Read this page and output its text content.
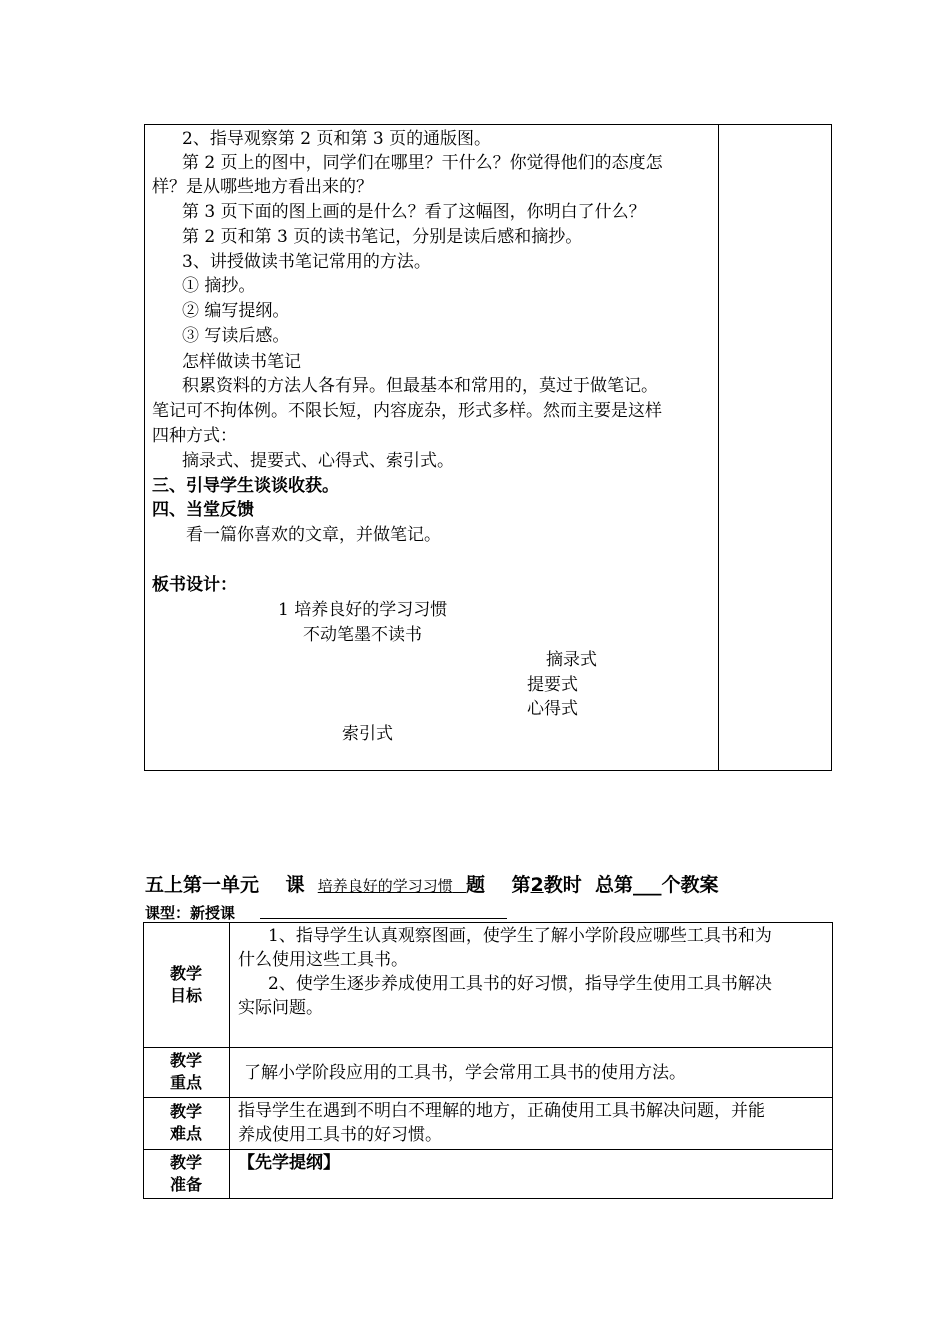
2、指导观察第 2 页和第 3 页的通版图。
第 2 页上的图中，同学们在哪里？干什么？你觉得他们的态度怎
样？是从哪些地方看出来的？
第 3 页下面的图上画的是什么？看了这幅图，你明白了什么？
第 2 页和第 3 页的读书笔记，分别是读后感和摘抄。
3、讲授做读书笔记常用的方法。
① 摘抄。
② 编写提纲。
③ 写读后感。
怎样做读书笔记
积累资料的方法人各有异。但最基本和常用的，莫过于做笔记。
笔记可不拘体例。不限长短，内容庞杂，形式多样。然而主要是这样
四种方式：
摘录式、提要式、心得式、索引式。
三、引导学生谈谈收获。
四、当堂反馈
看一篇你喜欢的文章，并做笔记。
板书设计：
1 培养良好的学习习惯
不动笔墨不读书
摘录式
提要式
心得式
索引式
五上第一单元 课 培养良好的学习习惯 题 第2教时 总第___个教案
课型：新授课
教学
目标
1、指导学生认真观察图画，使学生了解小学阶段应哪些工具书和为
什么使用这些工具书。
2、使学生逐步养成使用工具书的好习惯，指导学生使用工具书解决
实际问题。
教学
重点	了解小学阶段应用的工具书，学会常用工具书的使用方法。
教学
难点
指导学生在遇到不明白不理解的地方，正确使用工具书解决问题，并能
养成使用工具书的好习惯。
教学
准备
【先学提纲】
